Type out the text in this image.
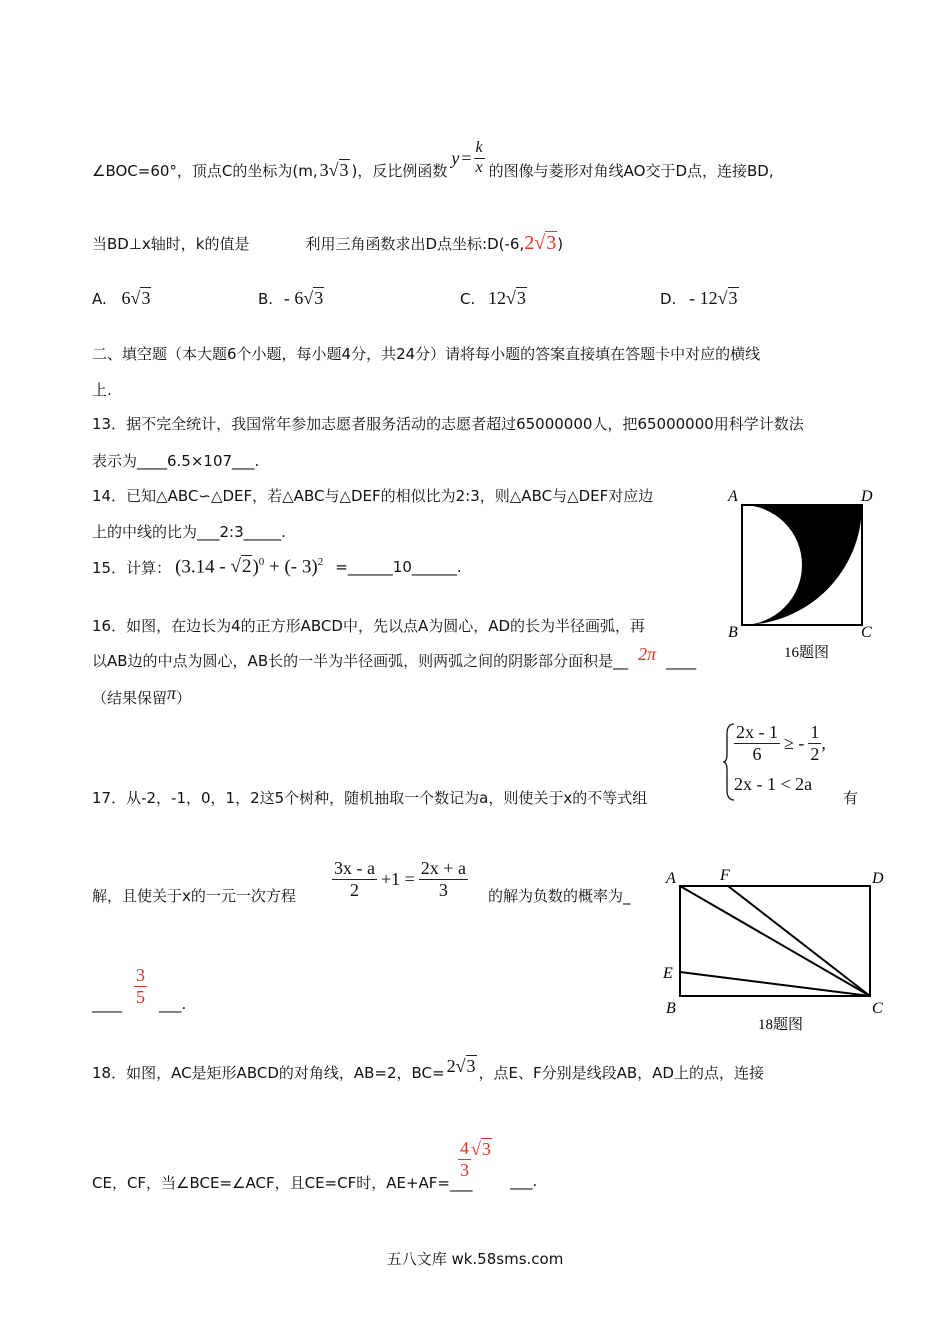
∠BOC=60°，顶点C的坐标为(m, 3√3 )，反比例函数
$y = \frac{k}{x}$ 的图像与菱形对角线AO交于D点，连接BD,
当BD⊥x轴时，k的值是	利用三角函数求出D点坐标:D(-6,2√3)
A. 6√3	B. - 6√3	C. 12√3	D. - 12√3
二、填空题（本大题6个小题，每小题4分，共24分）请将每小题的答案直接填在答题卡中对应的横线
上.
13．据不完全统计，我国常年参加志愿者服务活动的志愿者超过65000000人，把65000000用科学计数法
表示为____6.5×107___.
14．已知△ABC∽△DEF，若△ABC与△DEF的相似比为2:3，则△ABC与△DEF对应边
上的中线的比为___2:3_____.
15．计算： (3.14 - √2)$^0$ + (- 3)$^2$ =______10______.
16．如图，在边长为4的正方形ABCD中，先以点A为圆心，AD的长为半径画弧，再
以AB边的中点为圆心，AB长的一半为半径画弧，则两弧之间的阴影部分面积是__ 2π ____
（结果保留π）
A	D
B	C
16题图
$\frac{2x - 1}{6}$ ≥ - $\frac{1}{2}$ ,
2x - 1 < 2a
17．从-2，-1，0，1，2这5个树种，随机抽取一个数记为a，则使关于x的不等式组	有
解，且使关于x的一元一次方程 $\frac{3x - a}{2} +1 = \frac{2x + a}{3}$ 的解为负数的概率为_
____ $\frac{3}{5}$ ___.
A	F	D
E
B	C
18题图
18．如图，AC是矩形ABCD的对角线，AB=2，BC= 2√3 ，点E、F分别是线段AB，AD上的点，连接
CE，CF，当∠BCE=∠ACF，且CE=CF时，AE+AF=___
$\frac{4}{3} √3$
___.
五八文库 wk.58sms.com
